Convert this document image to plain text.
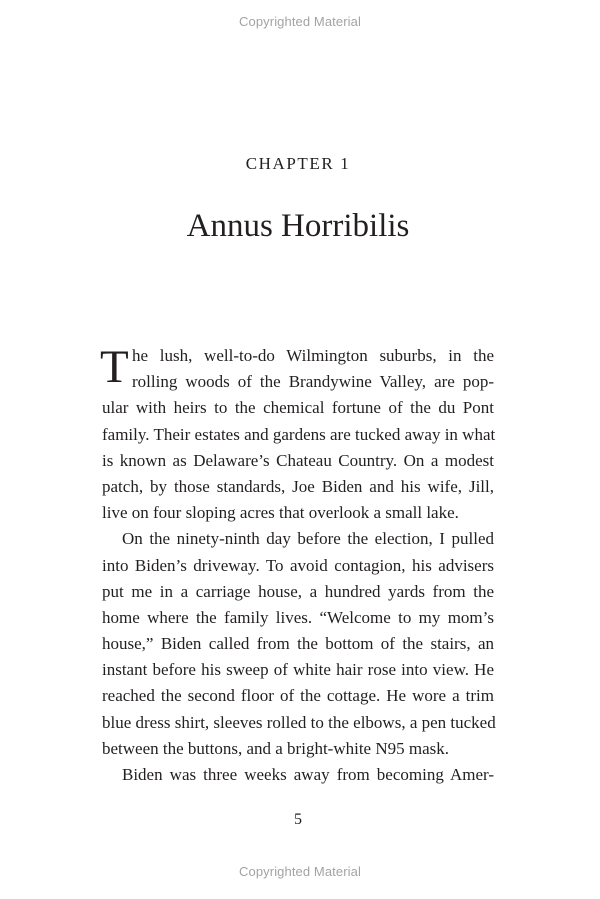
Copyrighted Material
CHAPTER 1
Annus Horribilis
T he lush, well-to-do Wilmington suburbs, in the
rolling woods of the Brandywine Valley, are pop-
ular with heirs to the chemical fortune of the du Pont
family. Their estates and gardens are tucked away in what
is known as Delaware’s Chateau Country. On a modest
patch, by those standards, Joe Biden and his wife, Jill,
live on four sloping acres that overlook a small lake.
On the ninety-ninth day before the election, I pulled
into Biden’s driveway. To avoid contagion, his advisers
put me in a carriage house, a hundred yards from the
home where the family lives. “Welcome to my mom’s
house,” Biden called from the bottom of the stairs, an
instant before his sweep of white hair rose into view. He
reached the second floor of the cottage. He wore a trim
blue dress shirt, sleeves rolled to the elbows, a pen tucked
between the buttons, and a bright-white N95 mask.
Biden was three weeks away from becoming Amer-
5
Copyrighted Material
